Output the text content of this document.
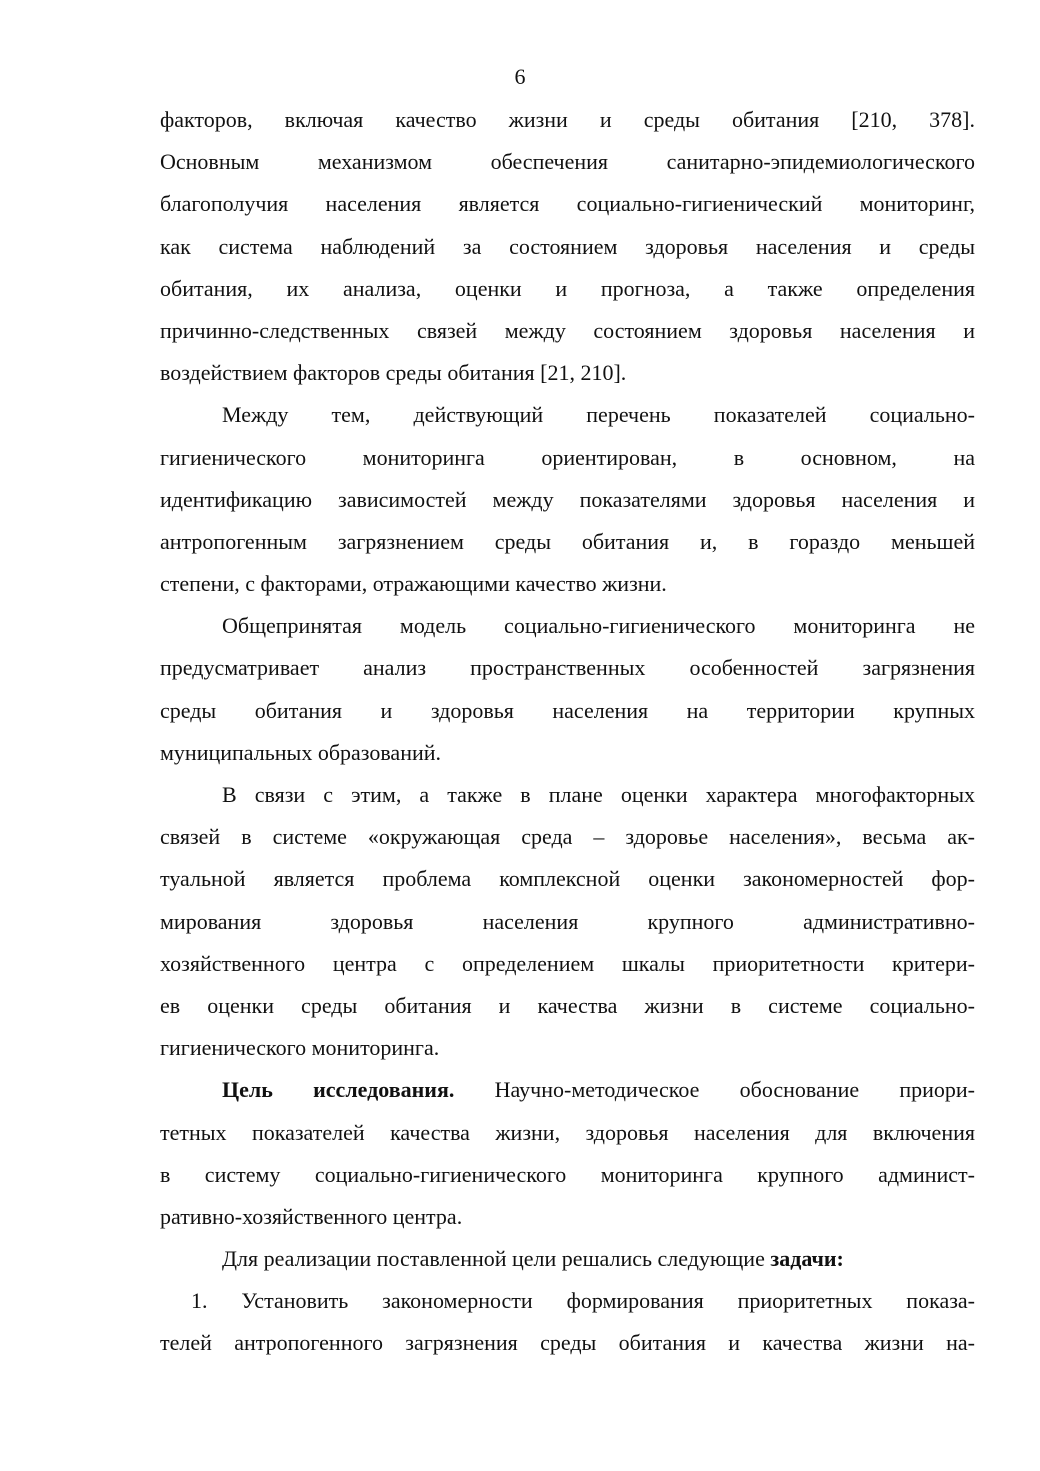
6
факторов, включая качество жизни и среды обитания [210, 378].
Основным механизмом обеспечения санитарно-эпидемиологического
благополучия населения является социально-гигиенический мониторинг,
как система наблюдений за состоянием здоровья населения и среды
обитания, их анализа, оценки и прогноза, а также определения
причинно-следственных связей между состоянием здоровья населения и
воздействием факторов среды обитания [21, 210].
Между тем, действующий перечень показателей социально-
гигиенического мониторинга ориентирован, в основном, на
идентификацию зависимостей между показателями здоровья населения и
антропогенным загрязнением среды обитания и, в гораздо меньшей
степени, с факторами, отражающими качество жизни.
Общепринятая модель социально-гигиенического мониторинга не
предусматривает анализ пространственных особенностей загрязнения
среды обитания и здоровья населения на территории крупных
муниципальных образований.
В связи с этим, а также в плане оценки характера многофакторных
связей в системе «окружающая среда – здоровье населения», весьма ак-
туальной является проблема комплексной оценки закономерностей фор-
мирования здоровья населения крупного административно-
хозяйственного центра с определением шкалы приоритетности критери-
ев оценки среды обитания и качества жизни в системе социально-
гигиенического мониторинга.
Цель исследования. Научно-методическое обоснование приори-
тетных показателей качества жизни, здоровья населения для включения
в систему социально-гигиенического мониторинга крупного админист-
ративно-хозяйственного центра.
Для реализации поставленной цели решались следующие задачи:
1. Установить закономерности формирования приоритетных показа-
телей антропогенного загрязнения среды обитания и качества жизни на-
